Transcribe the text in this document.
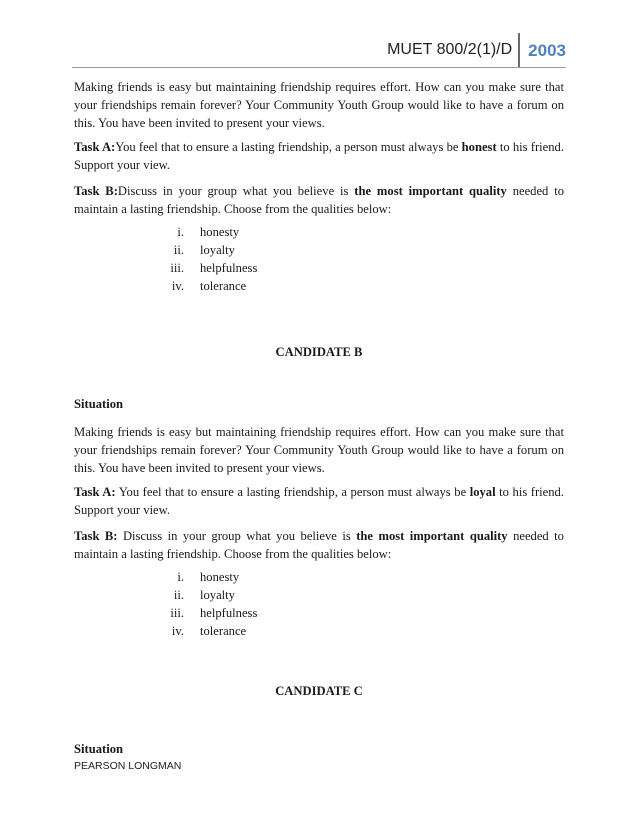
MUET 800/2(1)/D 2003

Making friends is easy but maintaining friendship requires effort. How can you make sure that your friendships remain forever? Your Community Youth Group would like to have a forum on this. You have been invited to present your views.

Task A:You feel that to ensure a lasting friendship, a person must always be honest to his friend. Support your view.

Task B:Discuss in your group what you believe is the most important quality needed to maintain a lasting friendship. Choose from the qualities below:

i.	honesty
ii.	loyalty
iii.	helpfulness
iv.	tolerance
CANDIDATE B
Situation

Making friends is easy but maintaining friendship requires effort. How can you make sure that your friendships remain forever? Your Community Youth Group would like to have a forum on this. You have been invited to present your views.

Task A: You feel that to ensure a lasting friendship, a person must always be loyal to his friend. Support your view.

Task B: Discuss in your group what you believe is the most important quality needed to maintain a lasting friendship. Choose from the qualities below:

i.	honesty
ii.	loyalty
iii.	helpfulness
iv.	tolerance
CANDIDATE C
Situation
PEARSON LONGMAN
